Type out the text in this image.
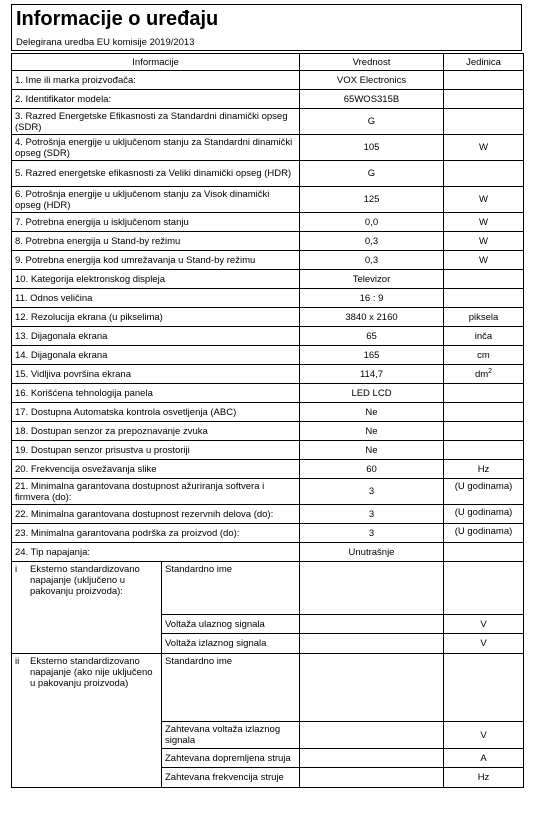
Informacije o uređaju
Delegirana uredba EU komisije 2019/2013
Informacije		Vrednost	Jedinica
1. Ime ili marka proizvođača:		VOX Electronics	
2. Identifikator modela:		65WOS315B	
3. Razred Energetske Efikasnosti za Standardni dinamički opseg (SDR)		G	
4. Potrošnja energije u uključenom stanju za Standardni dinamički opseg (SDR)		105	W
5. Razred energetske efikasnosti za Veliki dinamički opseg (HDR)		G	
6. Potrošnja energije u uključenom stanju za Visok dinamički opseg (HDR)		125	W
7. Potrebna energija u isključenom stanju		0,0	W
8. Potrebna energija u Stand-by režimu		0,3	W
9. Potrebna energija kod umrežavanja u Stand-by režimu		0,3	W
10. Kategorija elektronskog displeja		Televizor	
11. Odnos veličina		16 : 9	
12. Rezolucija ekrana (u pikselima)		3840 x 2160	piksela
13. Dijagonala ekrana		65	inča
14. Dijagonala ekrana		165	cm
15. Vidljiva površina ekrana		114,7	$dm^2$
16. Korišćena tehnologija panela		LED LCD	
17. Dostupna Automatska kontrola osvetljenja (ABC)		Ne	
18. Dostupan senzor za prepoznavanje zvuka		Ne	
19. Dostupan senzor prisustva u prostoriji		Ne	
20. Frekvencija osvežavanja slike		60	Hz
21. Minimalna garantovana dostupnost ažuriranja softvera i firmvera (do):		3	(U godinama)
22. Minimalna garantovana dostupnost rezervnih delova (do):		3	(U godinama)
23. Minimalna garantovana podrška za proizvod (do):		3	(U godinama)
24. Tip napajanja:		Unutrašnje	

i Eksterno standardizovano napajanje (uključeno u pakovanju proizvoda):	Standardno ime		
	Voltaža ulaznog signala		V
	Voltaža izlaznog signala		V

ii Eksterno standardizovano napajanje (ako nije uključeno u pakovanju proizvoda)	Standardno ime		
	Zahtevana voltaža izlaznog signala		V
	Zahtevana dopremljena struja		A
	Zahtevana frekvencija struje		Hz
